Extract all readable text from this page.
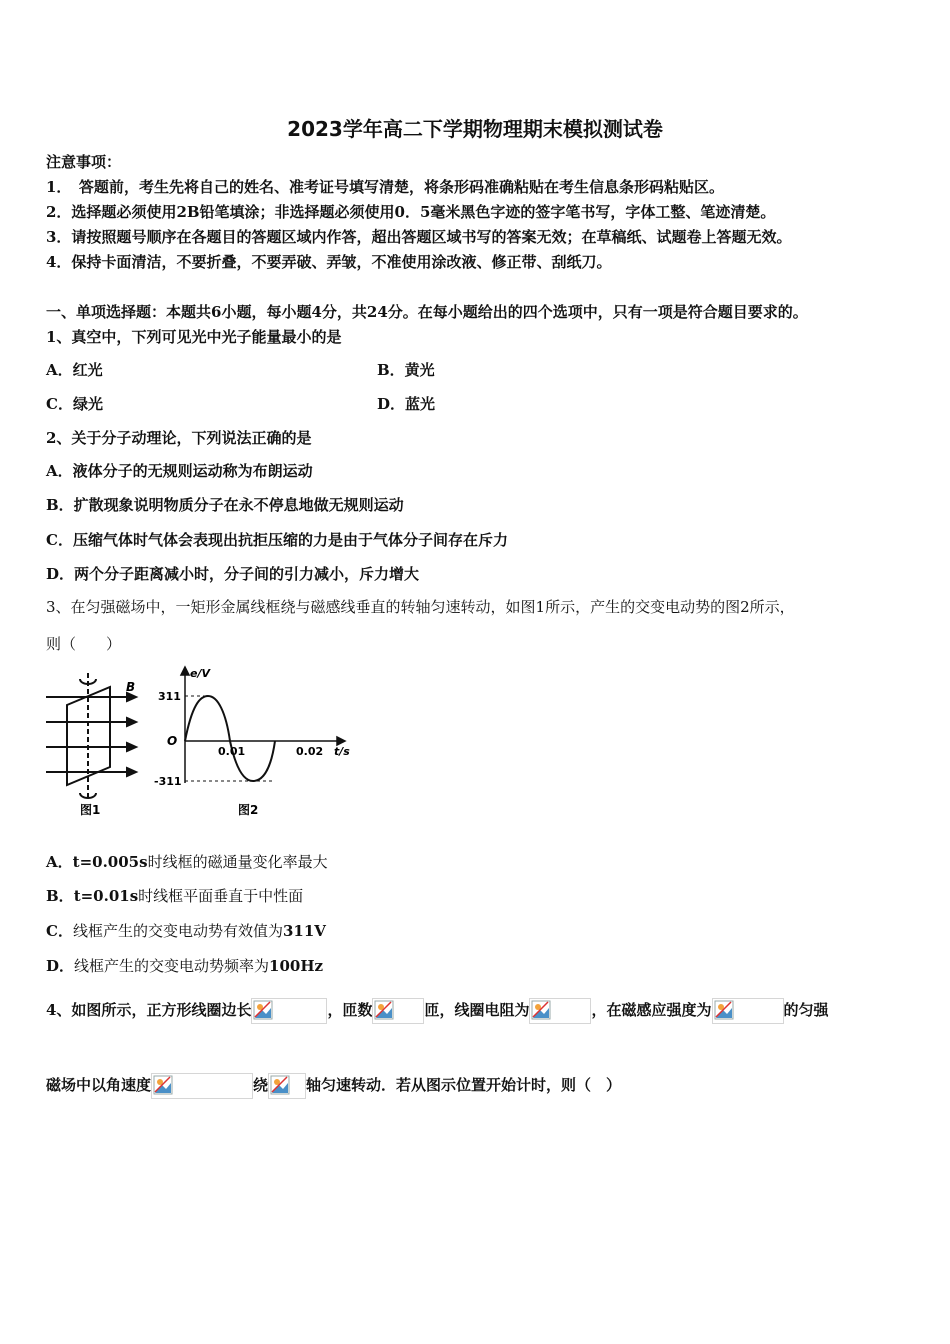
2023学年高二下学期物理期末模拟测试卷
注意事项：
1．　答题前，考生先将自己的姓名、准考证号填写清楚，将条形码准确粘贴在考生信息条形码粘贴区。
2．选择题必须使用2B铅笔填涂；非选择题必须使用0．5毫米黑色字迹的签字笔书写，字体工整、笔迹清楚。
3．请按照题号顺序在各题目的答题区域内作答，超出答题区域书写的答案无效；在草稿纸、试题卷上答题无效。
4．保持卡面清洁，不要折叠，不要弄破、弄皱，不准使用涂改液、修正带、刮纸刀。
一、单项选择题：本题共6小题，每小题4分，共24分。在每小题给出的四个选项中，只有一项是符合题目要求的。
1、真空中，下列可见光中光子能量最小的是
A．红光	B．黄光
C．绿光	D．蓝光
2、关于分子动理论，下列说法正确的是
A．液体分子的无规则运动称为布朗运动
B．扩散现象说明物质分子在永不停息地做无规则运动
C．压缩气体时气体会表现出抗拒压缩的力是由于气体分子间存在斥力
D．两个分子距离减小时，分子间的引力减小，斥力增大
3、在匀强磁场中，一矩形金属线框绕与磁感线垂直的转轴匀速转动，如图1所示，产生的交变电动势的图2所示，
则（　　）
B
图1
e/V
311
O
-311
0.01	0.02 t/s
图2
A．t=0.005s时线框的磁通量变化率最大
B．t=0.01s时线框平面垂直于中性面
C．线框产生的交变电动势有效值为311V
D．线框产生的交变电动势频率为100Hz
4、如图所示，正方形线圈边长	，匝数	匝，线圈电阻为	，在磁感应强度为	的匀强
磁场中以角速度	绕	轴匀速转动．若从图示位置开始计时，则（　）
